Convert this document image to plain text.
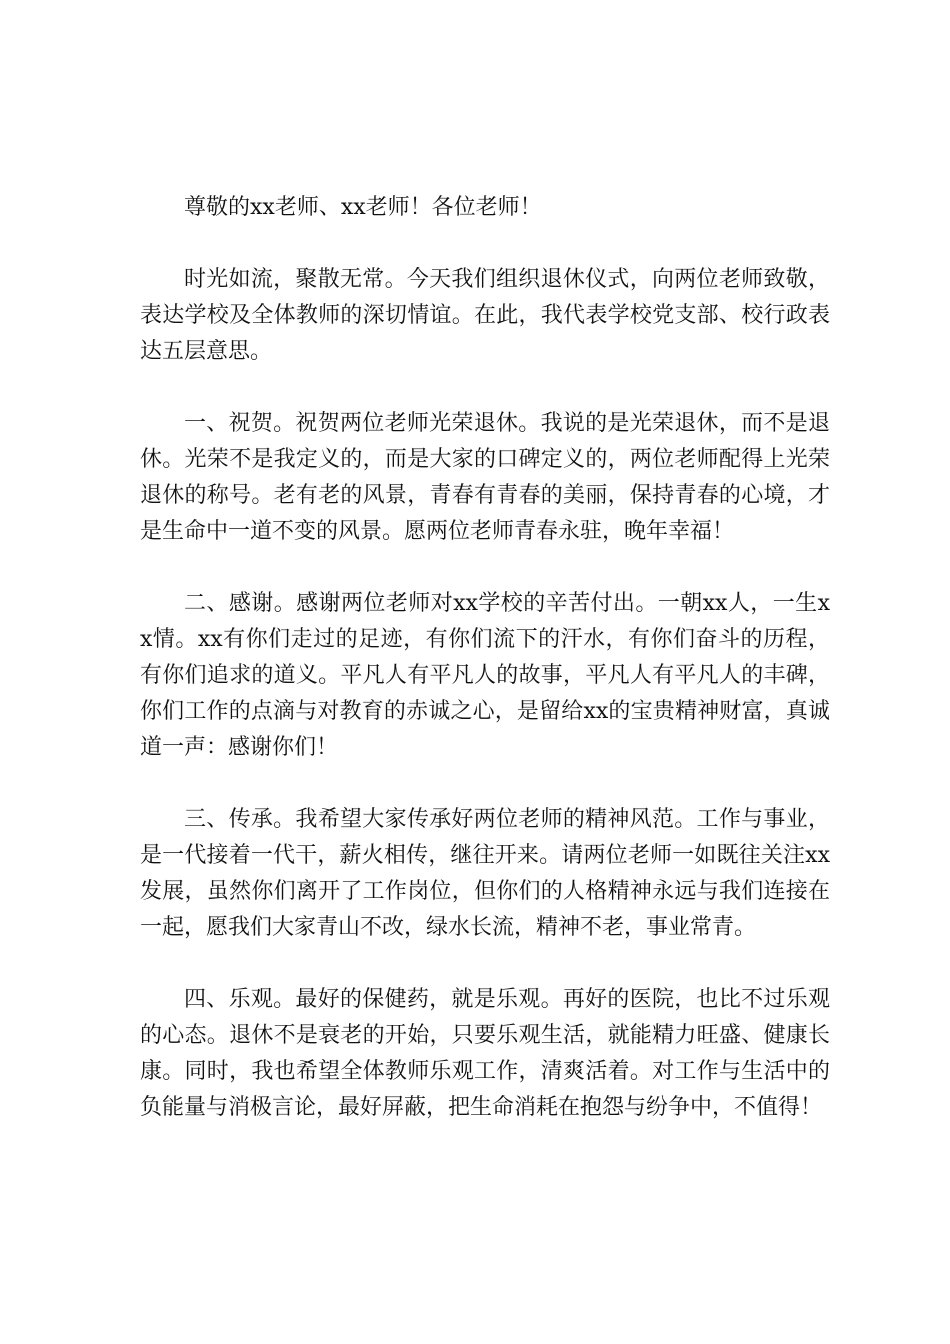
尊敬的xx老师、xx老师！各位老师！

时光如流，聚散无常。今天我们组织退休仪式，向两位老师致敬，表达学校及全体教师的深切情谊。在此，我代表学校党支部、校行政表达五层意思。

一、祝贺。祝贺两位老师光荣退休。我说的是光荣退休，而不是退休。光荣不是我定义的，而是大家的口碑定义的，两位老师配得上光荣退休的称号。老有老的风景，青春有青春的美丽，保持青春的心境，才是生命中一道不变的风景。愿两位老师青春永驻，晚年幸福！

二、感谢。感谢两位老师对xx学校的辛苦付出。一朝xx人，一生xx情。xx有你们走过的足迹，有你们流下的汗水，有你们奋斗的历程，有你们追求的道义。平凡人有平凡人的故事，平凡人有平凡人的丰碑，你们工作的点滴与对教育的赤诚之心，是留给xx的宝贵精神财富，真诚道一声：感谢你们！

三、传承。我希望大家传承好两位老师的精神风范。工作与事业，是一代接着一代干，薪火相传，继往开来。请两位老师一如既往关注xx发展，虽然你们离开了工作岗位，但你们的人格精神永远与我们连接在一起，愿我们大家青山不改，绿水长流，精神不老，事业常青。

四、乐观。最好的保健药，就是乐观。再好的医院，也比不过乐观的心态。退休不是衰老的开始，只要乐观生活，就能精力旺盛、健康长康。同时，我也希望全体教师乐观工作，清爽活着。对工作与生活中的负能量与消极言论，最好屏蔽，把生命消耗在抱怨与纷争中，不值得！
